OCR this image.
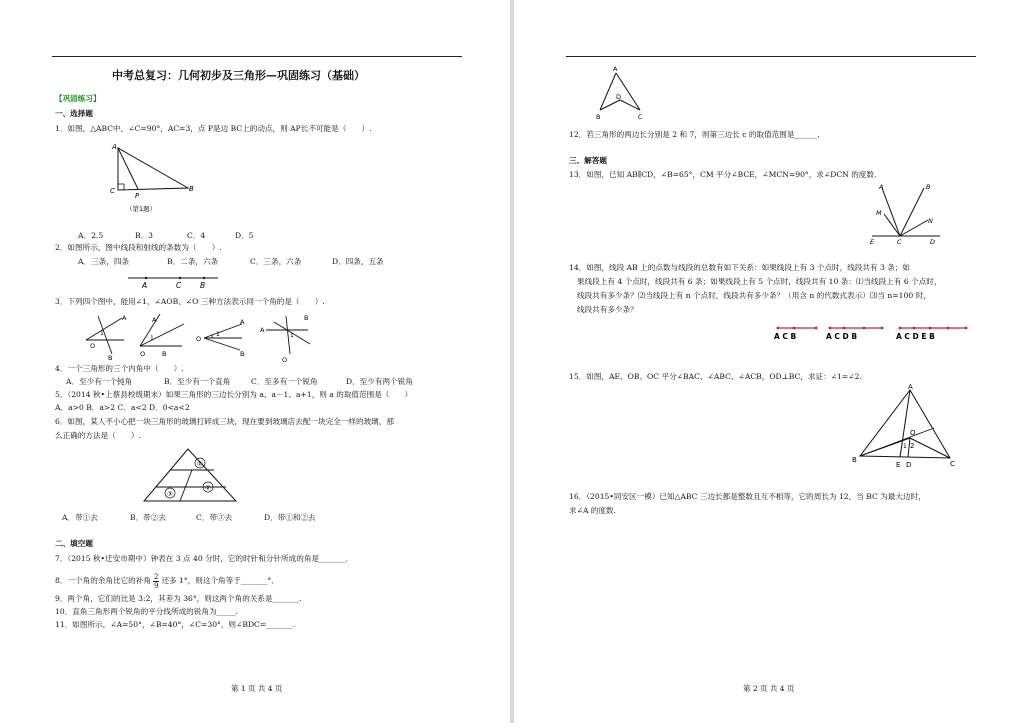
中考总复习：几何初步及三角形—巩固练习（基础）
【巩固练习】
一、选择题
1．如图，△ABC中，∠C=90°，AC=3，点 P是边 BC上的动点，则 AP长不可能是（　　）.
A
C
P
B
（第1题）
A．2.5	B．3	C．4	D．5
2．如图所示，图中线段和射线的条数为（　　）.
A．三条，四条	B．二条，六条	C．三条，六条	D．四条，五条
A	C	B
3．下列四个图中，能用∠1、∠AOB、∠O 三种方法表示同一个角的是（　　）.
A
O
B
1
A
1
O	B
A
O
1
B
A
1
B
O
4．一个三角形的三个内角中（　　）.
A．至少有一个钝角	B．至少有一个直角	C．至多有一个锐角	D．至少有两个锐角
5．（2014 秋•上蔡县校级期末）如果三角形的三边长分别为 a、a－1、a+1，则 a 的取值范围是（　　）
A．a>0 B．a>2 C．a<2 D．0<a<2
6．如图，某人不小心把一块三角形的玻璃打碎成三块，现在要到玻璃店去配一块完全一样的玻璃，那
么正确的方法是（　　）.
①
②
③
A．带①去	B．带②去	C．带③去	D．带①和②去
二、填空题
7．（2015 秋•迁安市期中）钟表在 3 点 40 分时，它的时针和分针所成的角是_______．
8．一个角的余角比它的补角 $\frac{2}{9}$ 还多 1°，则这个角等于_______°．
9．两个角，它们的比是 3:2，其差为 36°，则这两个角的关系是_______.
10．直角三角形两个锐角的平分线所成的锐角为_____.
11．如图所示，∠A=50°，∠B=40°，∠C=30°，则∠BDC=_______.
第 1 页 共 4 页
A
D
B	C
12．若三角形的两边长分别是 2 和 7，则第三边长 c 的取值范围是______.
三、解答题
13．如图，已知 AB∥CD，∠B=65°，CM 平分∠BCE，∠MCN=90°，求∠DCN 的度数.
A	B
M
N
E	C	D
14．如图，线段 AB 上的点数与线段的总数有如下关系：如果线段上有 3 个点时，线段共有 3 条；如
果线段上有 4 个点时，线段共有 6 条；如果线段上有 5 个点时，线段共有 10 条：⑴当线段上有 6 个点时，
线段共有多少条？⑵当线段上有 n 个点时，线段共有多少条？（用含 n 的代数式表示）⑶当 n=100 时，
线段共有多少条？
A C B	A C D B	A C D E B
15．如图，AE、OB、OC 平分∠BAC、∠ABC、∠ACB，OD⊥BC，求证：∠1=∠2.
A
O
1 2
B	C
E D
16．（2015•同安区一模）已知△ABC 三边长都是整数且互不相等，它的周长为 12，当 BC 为最大边时，
求∠A 的度数.
第 2 页 共 4 页
